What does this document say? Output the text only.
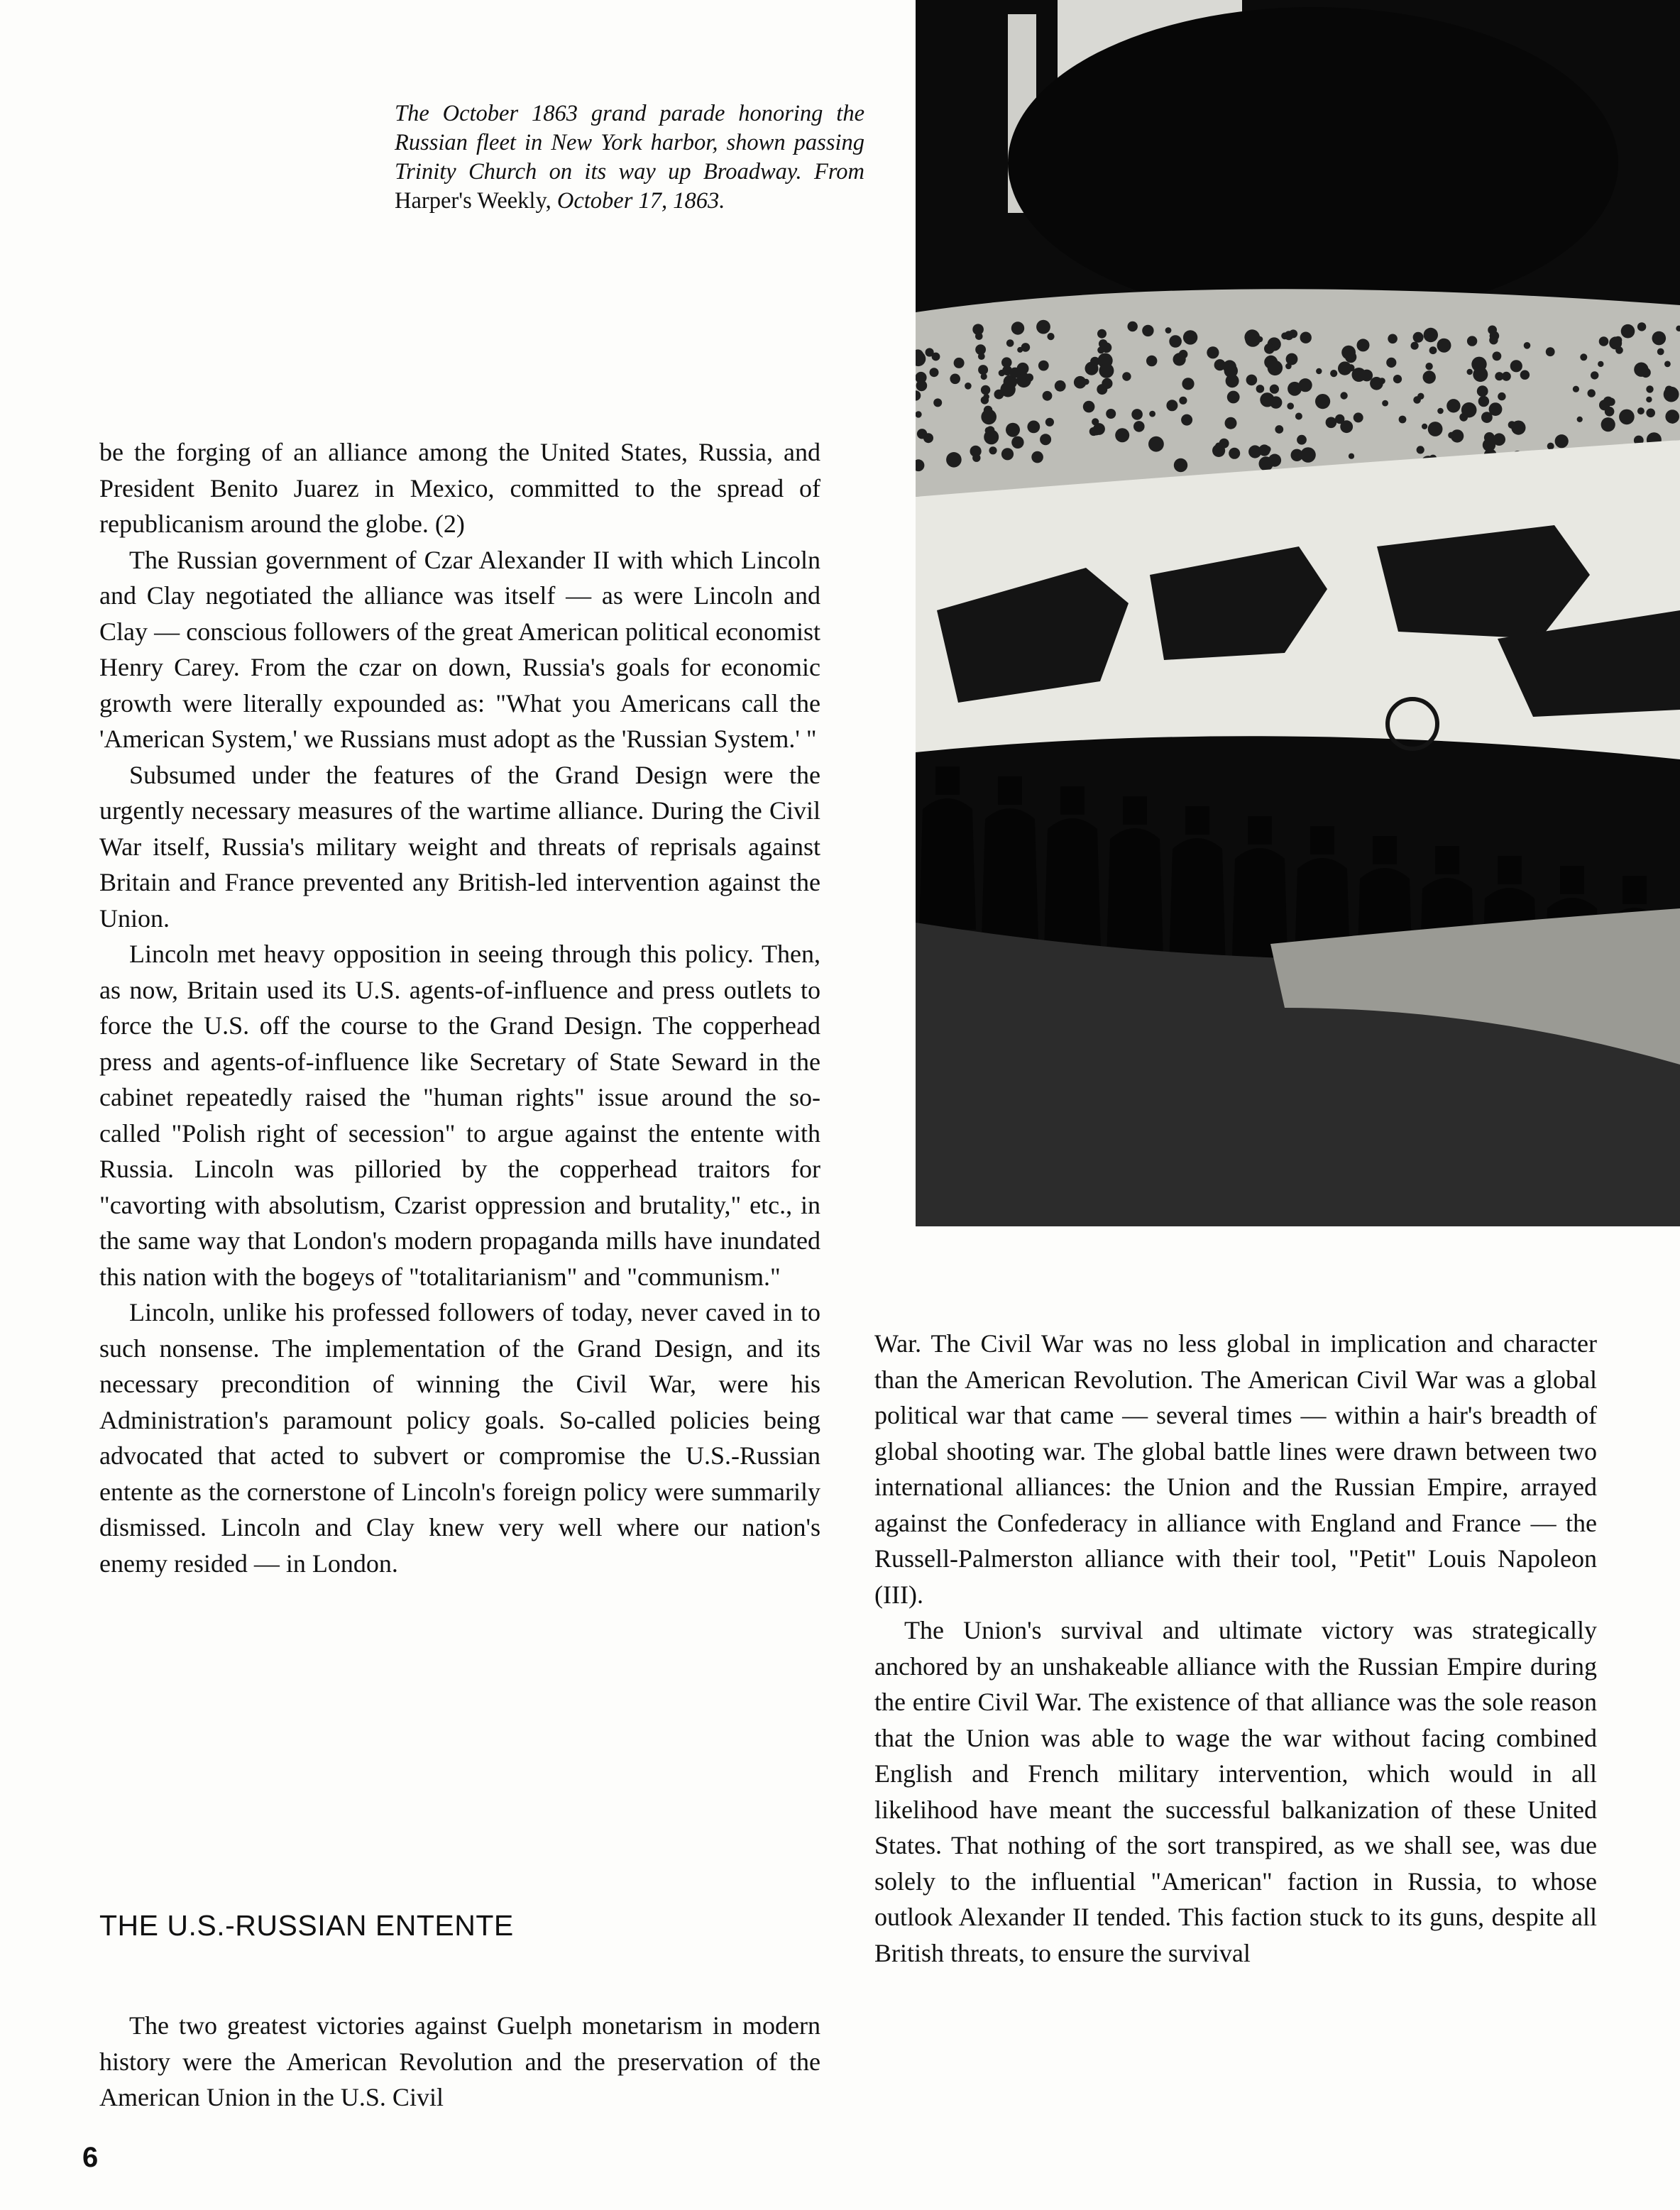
The October 1863 grand parade honoring the Russian fleet in New York harbor, shown passing Trinity Church on its way up Broadway. From Harper's Weekly, October 17, 1863.

be the forging of an alliance among the United States, Russia, and President Benito Juarez in Mexico, committed to the spread of republicanism around the globe. (2)

The Russian government of Czar Alexander II with which Lincoln and Clay negotiated the alliance was itself — as were Lincoln and Clay — conscious followers of the great American political economist Henry Carey. From the czar on down, Russia's goals for economic growth were literally expounded as: "What you Americans call the 'American System,' we Russians must adopt as the 'Russian System.' "

Subsumed under the features of the Grand Design were the urgently necessary measures of the wartime alliance. During the Civil War itself, Russia's military weight and threats of reprisals against Britain and France prevented any British-led intervention against the Union.

Lincoln met heavy opposition in seeing through this policy. Then, as now, Britain used its U.S. agents-of-influence and press outlets to force the U.S. off the course to the Grand Design. The copperhead press and agents-of-influence like Secretary of State Seward in the cabinet repeatedly raised the "human rights" issue around the so-called "Polish right of secession" to argue against the entente with Russia. Lincoln was pilloried by the copperhead traitors for "cavorting with absolutism, Czarist oppression and brutality," etc., in the same way that London's modern propaganda mills have inundated this nation with the bogeys of "totalitarianism" and "communism."

Lincoln, unlike his professed followers of today, never caved in to such nonsense. The implementation of the Grand Design, and its necessary precondition of winning the Civil War, were his Administration's paramount policy goals. So-called policies being advocated that acted to subvert or compromise the U.S.-Russian entente as the cornerstone of Lincoln's foreign policy were summarily dismissed. Lincoln and Clay knew very well where our nation's enemy resided — in London.

THE U.S.-RUSSIAN ENTENTE

The two greatest victories against Guelph monetarism in modern history were the American Revolution and the preservation of the American Union in the U.S. Civil

War. The Civil War was no less global in implication and character than the American Revolution. The American Civil War was a global political war that came — several times — within a hair's breadth of global shooting war. The global battle lines were drawn between two international alliances: the Union and the Russian Empire, arrayed against the Confederacy in alliance with England and France — the Russell-Palmerston alliance with their tool, "Petit" Louis Napoleon (III).

The Union's survival and ultimate victory was strategically anchored by an unshakeable alliance with the Russian Empire during the entire Civil War. The existence of that alliance was the sole reason that the Union was able to wage the war without facing combined English and French military intervention, which would in all likelihood have meant the successful balkanization of these United States. That nothing of the sort transpired, as we shall see, was due solely to the influential "American" faction in Russia, to whose outlook Alexander II tended. This faction stuck to its guns, despite all British threats, to ensure the survival

6
